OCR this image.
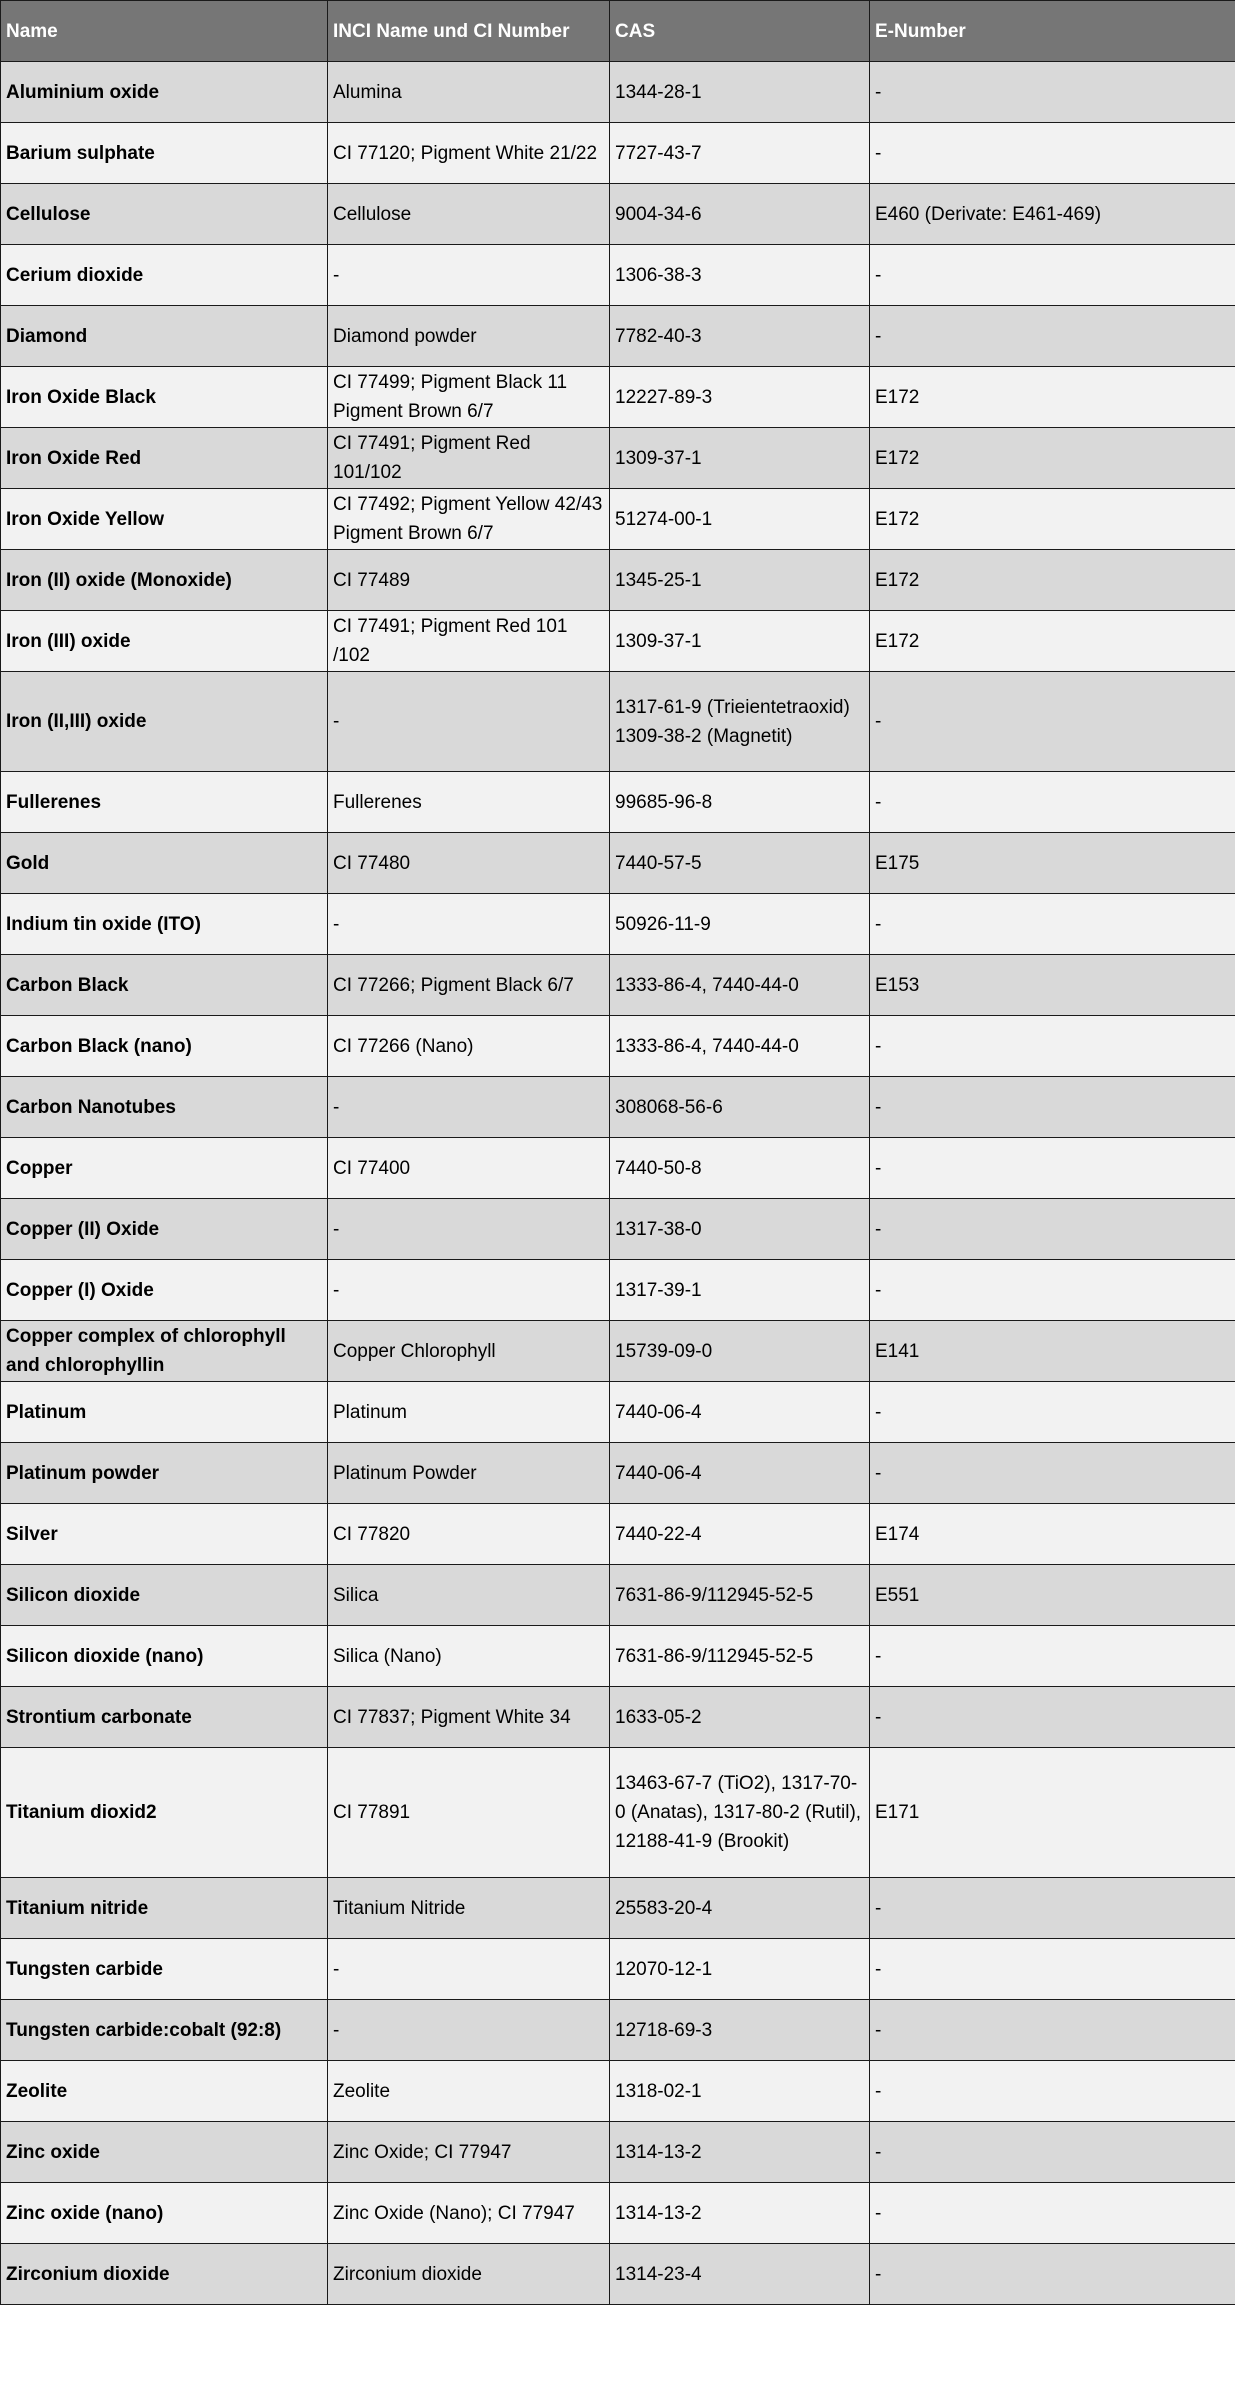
Name	INCI Name und CI Number	CAS	E-Number
Aluminium oxide	Alumina	1344-28-1	-
Barium sulphate	CI 77120; Pigment White 21/22	7727-43-7	-
Cellulose	Cellulose	9004-34-6	E460 (Derivate: E461-469)
Cerium dioxide	-	1306-38-3	-
Diamond	Diamond powder	7782-40-3	-
Iron Oxide Black	CI 77499; Pigment Black 11 Pigment Brown 6/7	12227-89-3	E172
Iron Oxide Red	CI 77491; Pigment Red 101/102	1309-37-1	E172
Iron Oxide Yellow	CI 77492; Pigment Yellow 42/43 Pigment Brown 6/7	51274-00-1	E172
Iron (II) oxide (Monoxide)	CI 77489	1345-25-1	E172
Iron (III) oxide	CI 77491; Pigment Red 101 /102	1309-37-1	E172
Iron (II,III) oxide	-	1317-61-9 (Trieientetraoxid) 1309-38-2 (Magnetit)	-
Fullerenes	Fullerenes	99685-96-8	-
Gold	CI 77480	7440-57-5	E175
Indium tin oxide (ITO)	-	50926-11-9	-
Carbon Black	CI 77266; Pigment Black 6/7	1333-86-4, 7440-44-0	E153
Carbon Black (nano)	CI 77266 (Nano)	1333-86-4, 7440-44-0	-
Carbon Nanotubes	-	308068-56-6	-
Copper	CI 77400	7440-50-8	-
Copper (II) Oxide	-	1317-38-0	-
Copper (I) Oxide	-	1317-39-1	-
Copper complex of chlorophyll and chlorophyllin	Copper Chlorophyll	15739-09-0	E141
Platinum	Platinum	7440-06-4	-
Platinum powder	Platinum Powder	7440-06-4	-
Silver	CI 77820	7440-22-4	E174
Silicon dioxide	Silica	7631-86-9/112945-52-5	E551
Silicon dioxide (nano)	Silica (Nano)	7631-86-9/112945-52-5	-
Strontium carbonate	CI 77837; Pigment White 34	1633-05-2	-
Titanium dioxid2	CI 77891	13463-67-7 (TiO2), 1317-70-0 (Anatas), 1317-80-2 (Rutil), 12188-41-9 (Brookit)	E171
Titanium nitride	Titanium Nitride	25583-20-4	-
Tungsten carbide	-	12070-12-1	-
Tungsten carbide:cobalt (92:8)	-	12718-69-3	-
Zeolite	Zeolite	1318-02-1	-
Zinc oxide	Zinc Oxide; CI 77947	1314-13-2	-
Zinc oxide (nano)	Zinc Oxide (Nano); CI 77947	1314-13-2	-
Zirconium dioxide	Zirconium dioxide	1314-23-4	-
